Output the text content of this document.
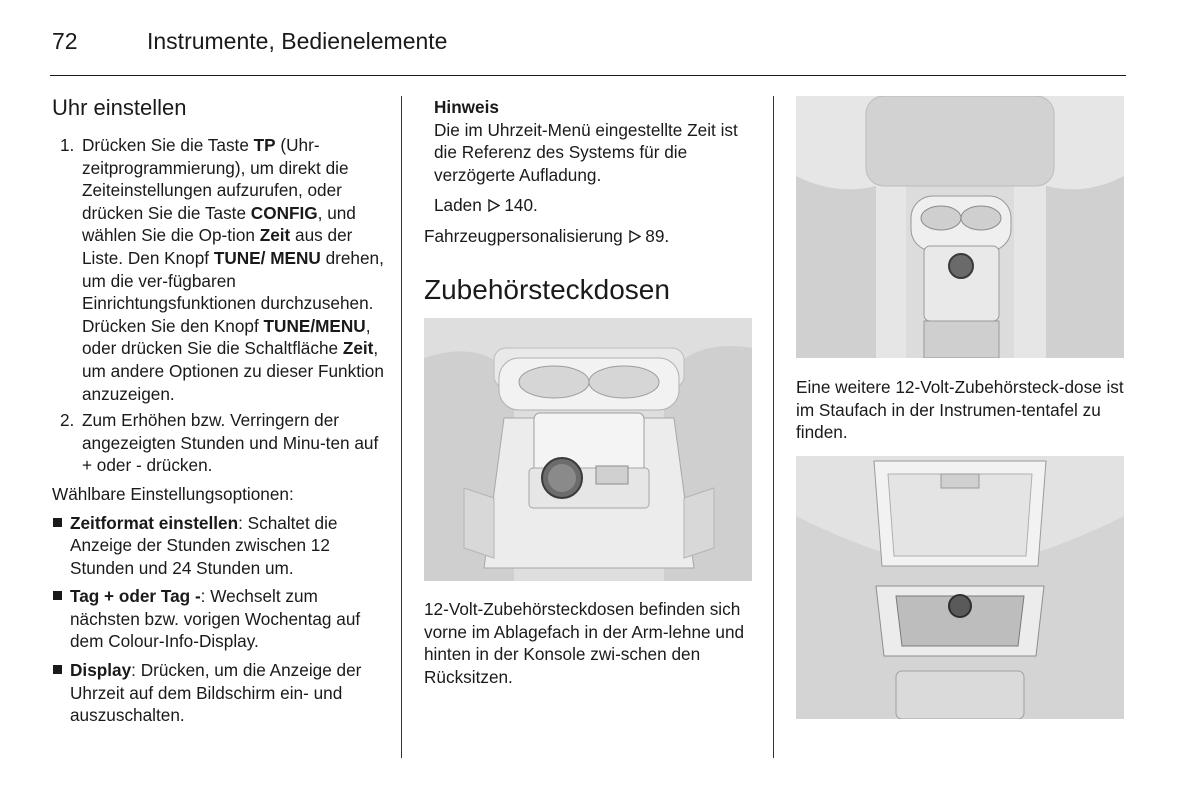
72	Instrumente, Bedienelemente
Uhr einstellen
1. Drücken Sie die Taste TP (Uhr-zeitprogrammierung), um direkt die Zeiteinstellungen aufzurufen, oder drücken Sie die Taste CONFIG, und wählen Sie die Op-tion Zeit aus der Liste. Den Knopf TUNE/ MENU drehen, um die ver-fügbaren Einrichtungsfunktionen durchzusehen. Drücken Sie den Knopf TUNE/MENU, oder drücken Sie die Schaltfläche Zeit, um andere Optionen zu dieser Funktion anzuzeigen.
2. Zum Erhöhen bzw. Verringern der angezeigten Stunden und Minu-ten auf + oder - drücken.

Wählbare Einstellungsoptionen:

Zeitformat einstellen: Schaltet die Anzeige der Stunden zwischen 12 Stunden und 24 Stunden um.
Tag + oder Tag -: Wechselt zum nächsten bzw. vorigen Wochentag auf dem Colour-Info-Display.
Display: Drücken, um die Anzeige der Uhrzeit auf dem Bildschirm ein- und auszuschalten.

Hinweis

Die im Uhrzeit-Menü eingestellte Zeit ist die Referenz des Systems für die verzögerte Aufladung.

Laden 140.

Fahrzeugpersonalisierung 89.
Zubehörsteckdosen
12-Volt-Zubehörsteckdosen befinden sich vorne im Ablagefach in der Arm-lehne und hinten in der Konsole zwi-schen den Rücksitzen.
Eine weitere 12-Volt-Zubehörsteck-dose ist im Staufach in der Instrumen-tentafel zu finden.
